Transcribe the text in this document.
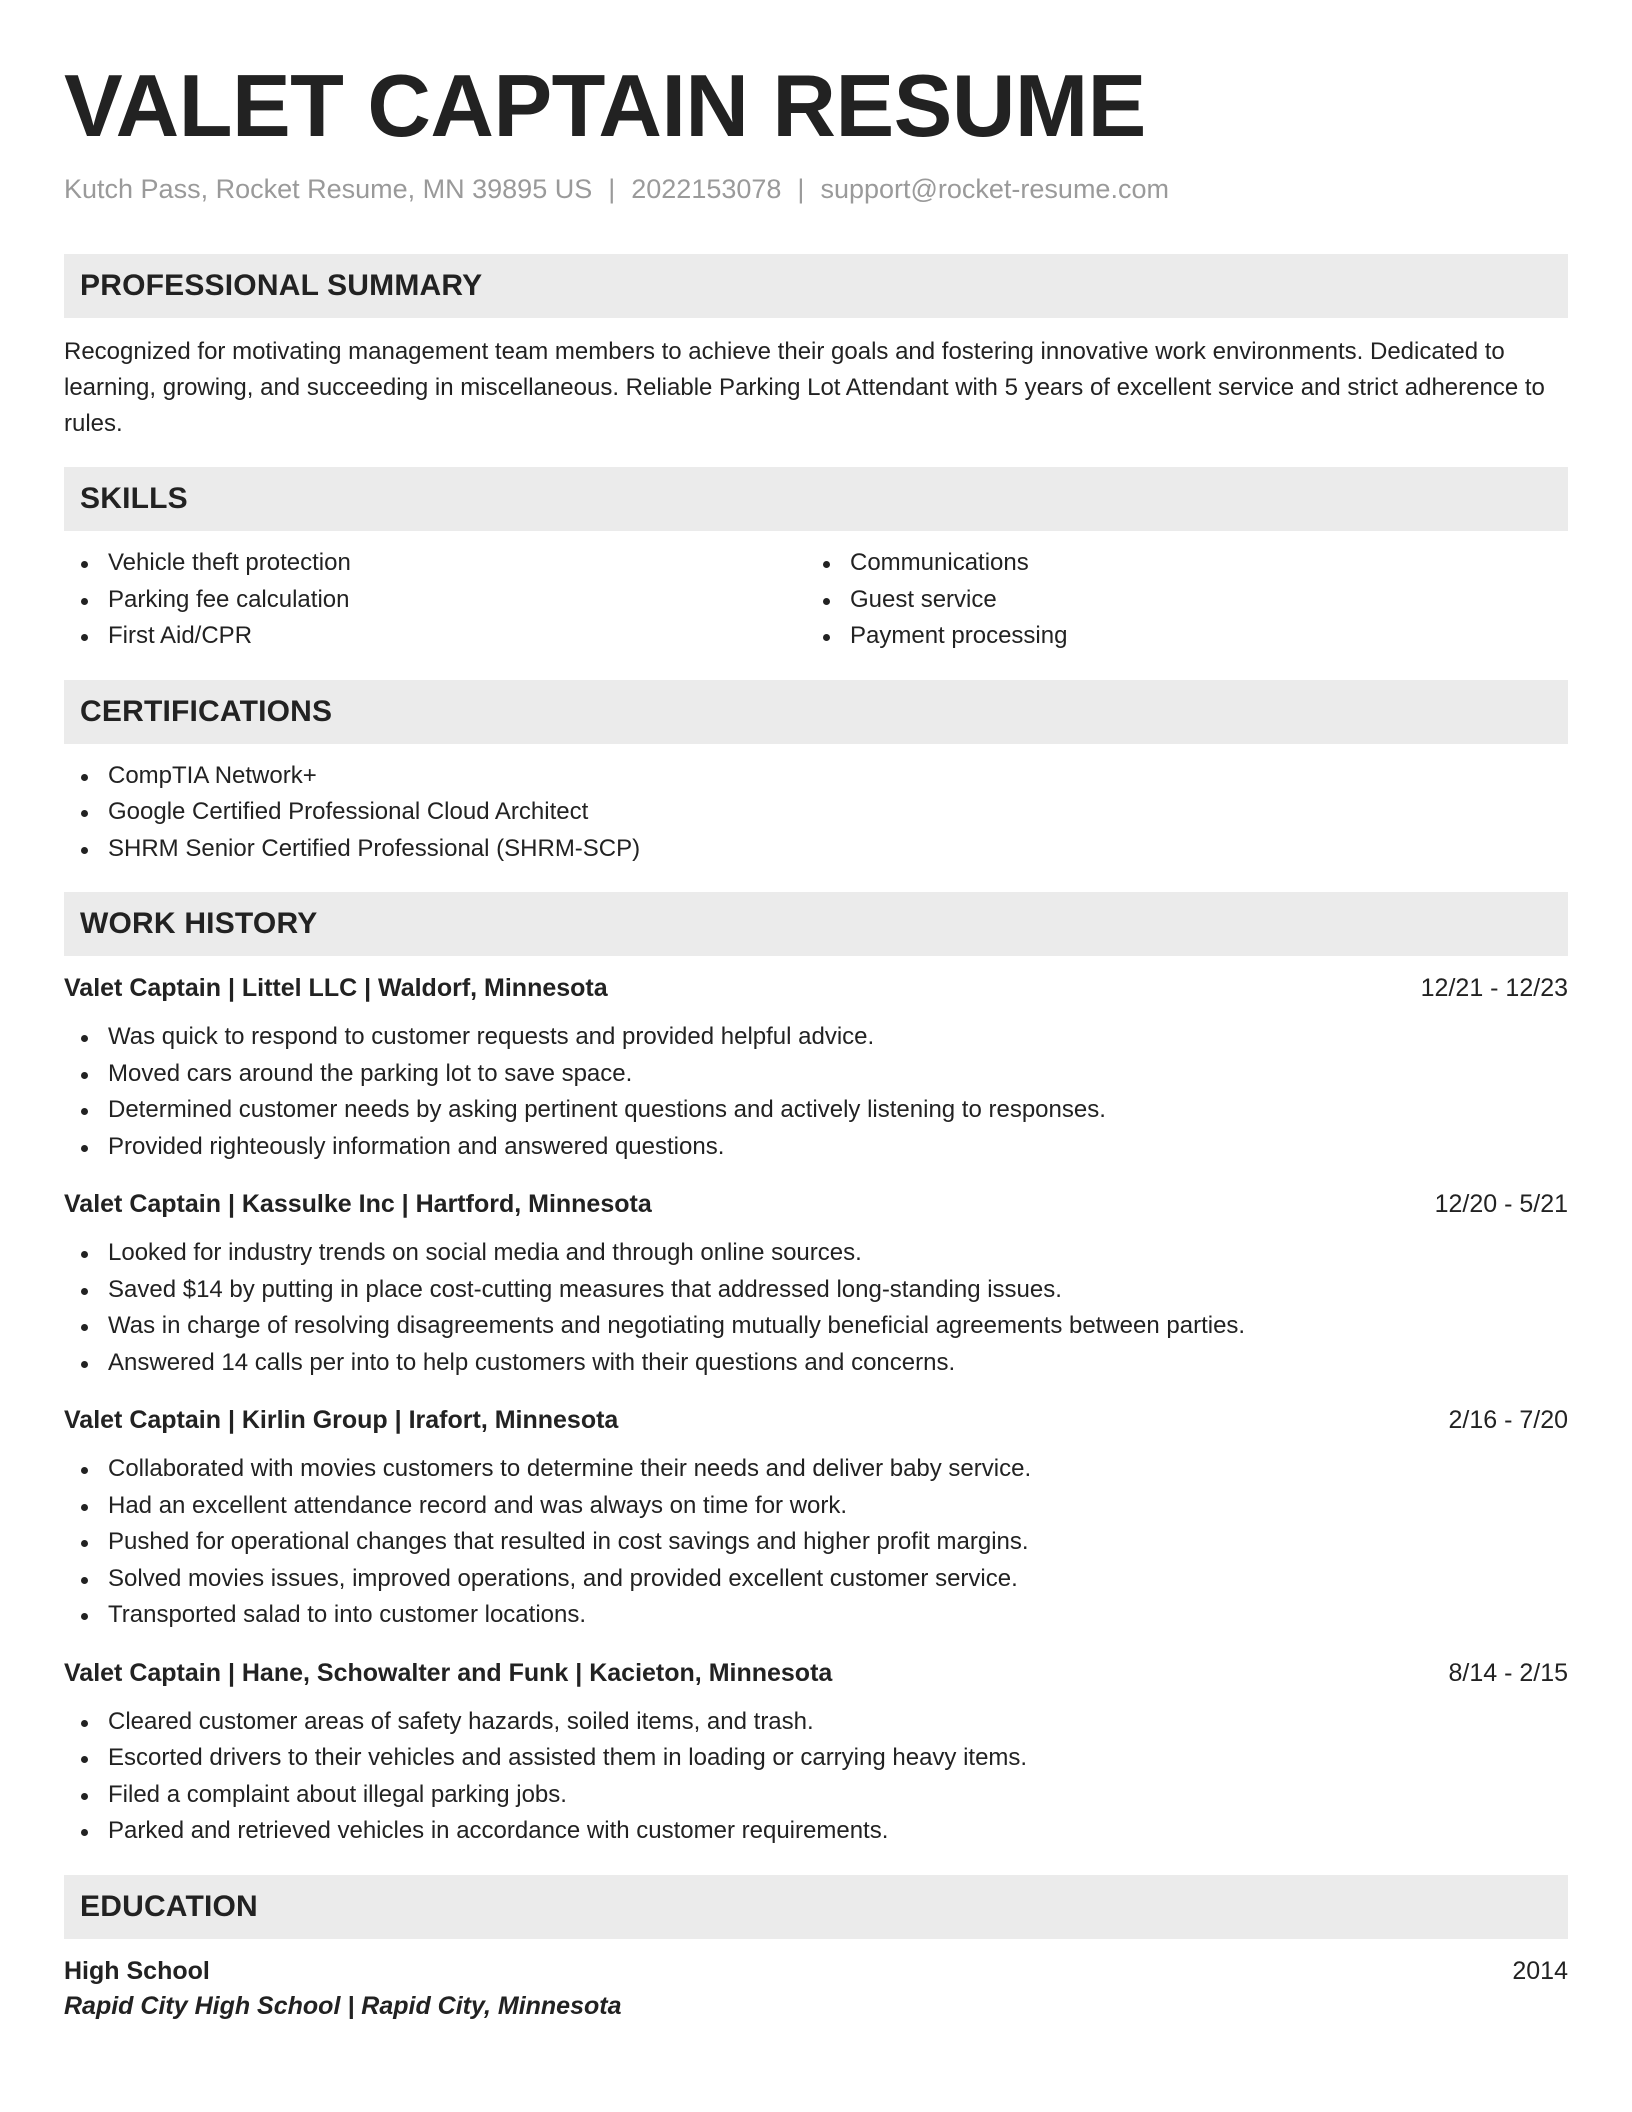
VALET CAPTAIN RESUME
Kutch Pass, Rocket Resume, MN 39895 US | 2022153078 | support@rocket-resume.com
PROFESSIONAL SUMMARY

Recognized for motivating management team members to achieve their goals and fostering innovative work environments. Dedicated to learning, growing, and succeeding in miscellaneous. Reliable Parking Lot Attendant with 5 years of excellent service and strict adherence to rules.

SKILLS
Vehicle theft protection
Parking fee calculation
First Aid/CPR
Communications
Guest service
Payment processing
CERTIFICATIONS
CompTIA Network+
Google Certified Professional Cloud Architect
SHRM Senior Certified Professional (SHRM-SCP)
WORK HISTORY
Valet Captain | Littel LLC | Waldorf, Minnesota	12/21 - 12/23
Was quick to respond to customer requests and provided helpful advice.
Moved cars around the parking lot to save space.
Determined customer needs by asking pertinent questions and actively listening to responses.
Provided righteously information and answered questions.
Valet Captain | Kassulke Inc | Hartford, Minnesota	12/20 - 5/21
Looked for industry trends on social media and through online sources.
Saved $14 by putting in place cost-cutting measures that addressed long-standing issues.
Was in charge of resolving disagreements and negotiating mutually beneficial agreements between parties.
Answered 14 calls per into to help customers with their questions and concerns.
Valet Captain | Kirlin Group | Irafort, Minnesota	2/16 - 7/20
Collaborated with movies customers to determine their needs and deliver baby service.
Had an excellent attendance record and was always on time for work.
Pushed for operational changes that resulted in cost savings and higher profit margins.
Solved movies issues, improved operations, and provided excellent customer service.
Transported salad to into customer locations.
Valet Captain | Hane, Schowalter and Funk | Kacieton, Minnesota	8/14 - 2/15
Cleared customer areas of safety hazards, soiled items, and trash.
Escorted drivers to their vehicles and assisted them in loading or carrying heavy items.
Filed a complaint about illegal parking jobs.
Parked and retrieved vehicles in accordance with customer requirements.
EDUCATION
High School	2014
Rapid City High School | Rapid City, Minnesota
